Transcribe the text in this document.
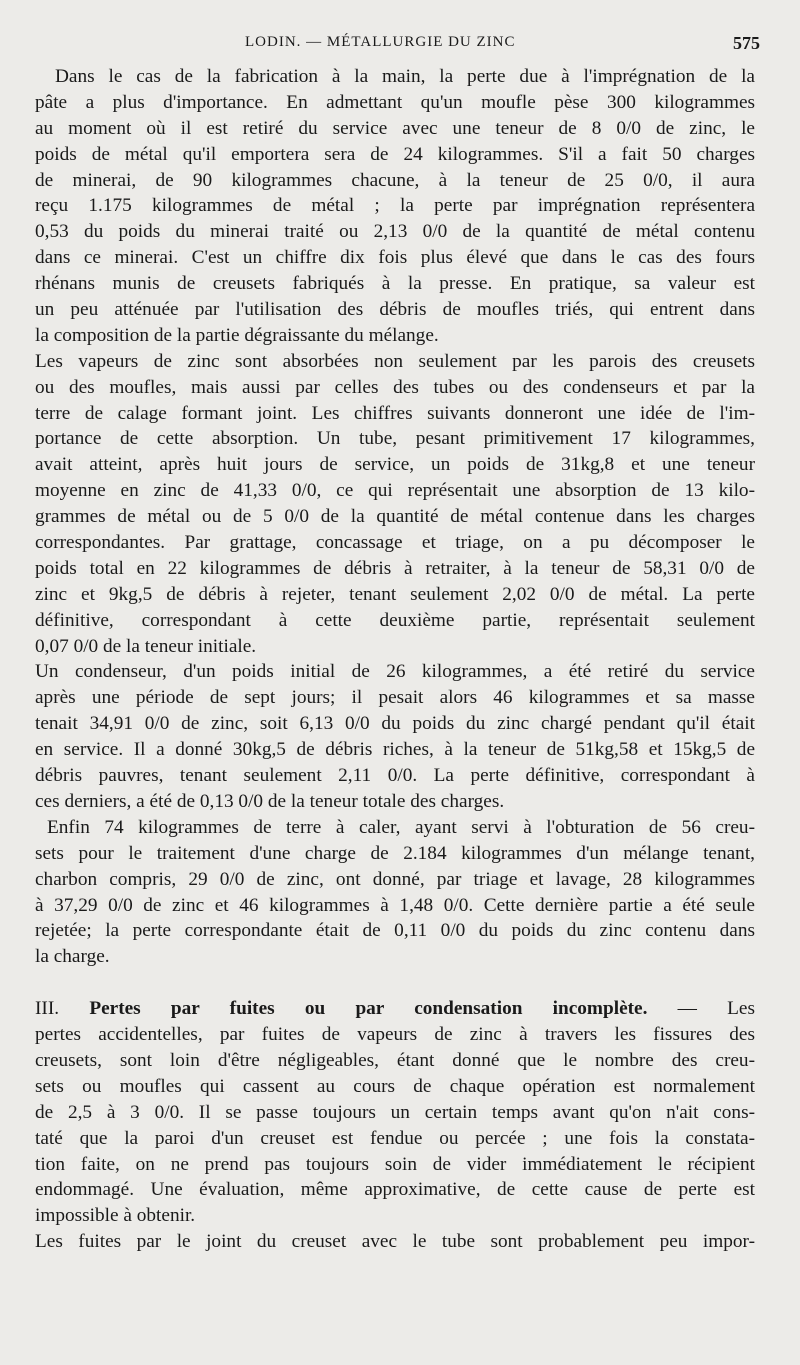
LODIN. — MÉTALLURGIE DU ZINC	575
Dans le cas de la fabrication à la main, la perte due à l'imprégnation de la
pâte a plus d'importance. En admettant qu'un moufle pèse 300 kilogrammes
au moment où il est retiré du service avec une teneur de 8 0/0 de zinc, le
poids de métal qu'il emportera sera de 24 kilogrammes. S'il a fait 50 charges
de minerai, de 90 kilogrammes chacune, à la teneur de 25 0/0, il aura
reçu 1.175 kilogrammes de métal ; la perte par imprégnation représentera
0,53 du poids du minerai traité ou 2,13 0/0 de la quantité de métal contenu
dans ce minerai. C'est un chiffre dix fois plus élevé que dans le cas des fours
rhénans munis de creusets fabriqués à la presse. En pratique, sa valeur est
un peu atténuée par l'utilisation des débris de moufles triés, qui entrent dans
la composition de la partie dégraissante du mélange.
Les vapeurs de zinc sont absorbées non seulement par les parois des creusets
ou des moufles, mais aussi par celles des tubes ou des condenseurs et par la
terre de calage formant joint. Les chiffres suivants donneront une idée de l'im-
portance de cette absorption. Un tube, pesant primitivement 17 kilogrammes,
avait atteint, après huit jours de service, un poids de 31kg,8 et une teneur
moyenne en zinc de 41,33 0/0, ce qui représentait une absorption de 13 kilo-
grammes de métal ou de 5 0/0 de la quantité de métal contenue dans les charges
correspondantes. Par grattage, concassage et triage, on a pu décomposer le
poids total en 22 kilogrammes de débris à retraiter, à la teneur de 58,31 0/0 de
zinc et 9kg,5 de débris à rejeter, tenant seulement 2,02 0/0 de métal. La perte
définitive, correspondant à cette deuxième partie, représentait seulement
0,07 0/0 de la teneur initiale.
Un condenseur, d'un poids initial de 26 kilogrammes, a été retiré du service
après une période de sept jours; il pesait alors 46 kilogrammes et sa masse
tenait 34,91 0/0 de zinc, soit 6,13 0/0 du poids du zinc chargé pendant qu'il était
en service. Il a donné 30kg,5 de débris riches, à la teneur de 51kg,58 et 15kg,5 de
débris pauvres, tenant seulement 2,11 0/0. La perte définitive, correspondant à
ces derniers, a été de 0,13 0/0 de la teneur totale des charges.
Enfin 74 kilogrammes de terre à caler, ayant servi à l'obturation de 56 creu-
sets pour le traitement d'une charge de 2.184 kilogrammes d'un mélange tenant,
charbon compris, 29 0/0 de zinc, ont donné, par triage et lavage, 28 kilogrammes
à 37,29 0/0 de zinc et 46 kilogrammes à 1,48 0/0. Cette dernière partie a été seule
rejetée; la perte correspondante était de 0,11 0/0 du poids du zinc contenu dans
la charge.
III. Pertes par fuites ou par condensation incomplète. — Les
pertes accidentelles, par fuites de vapeurs de zinc à travers les fissures des
creusets, sont loin d'être négligeables, étant donné que le nombre des creu-
sets ou moufles qui cassent au cours de chaque opération est normalement
de 2,5 à 3 0/0. Il se passe toujours un certain temps avant qu'on n'ait cons-
taté que la paroi d'un creuset est fendue ou percée ; une fois la constata-
tion faite, on ne prend pas toujours soin de vider immédiatement le récipient
endommagé. Une évaluation, même approximative, de cette cause de perte est
impossible à obtenir.
Les fuites par le joint du creuset avec le tube sont probablement peu impor-
